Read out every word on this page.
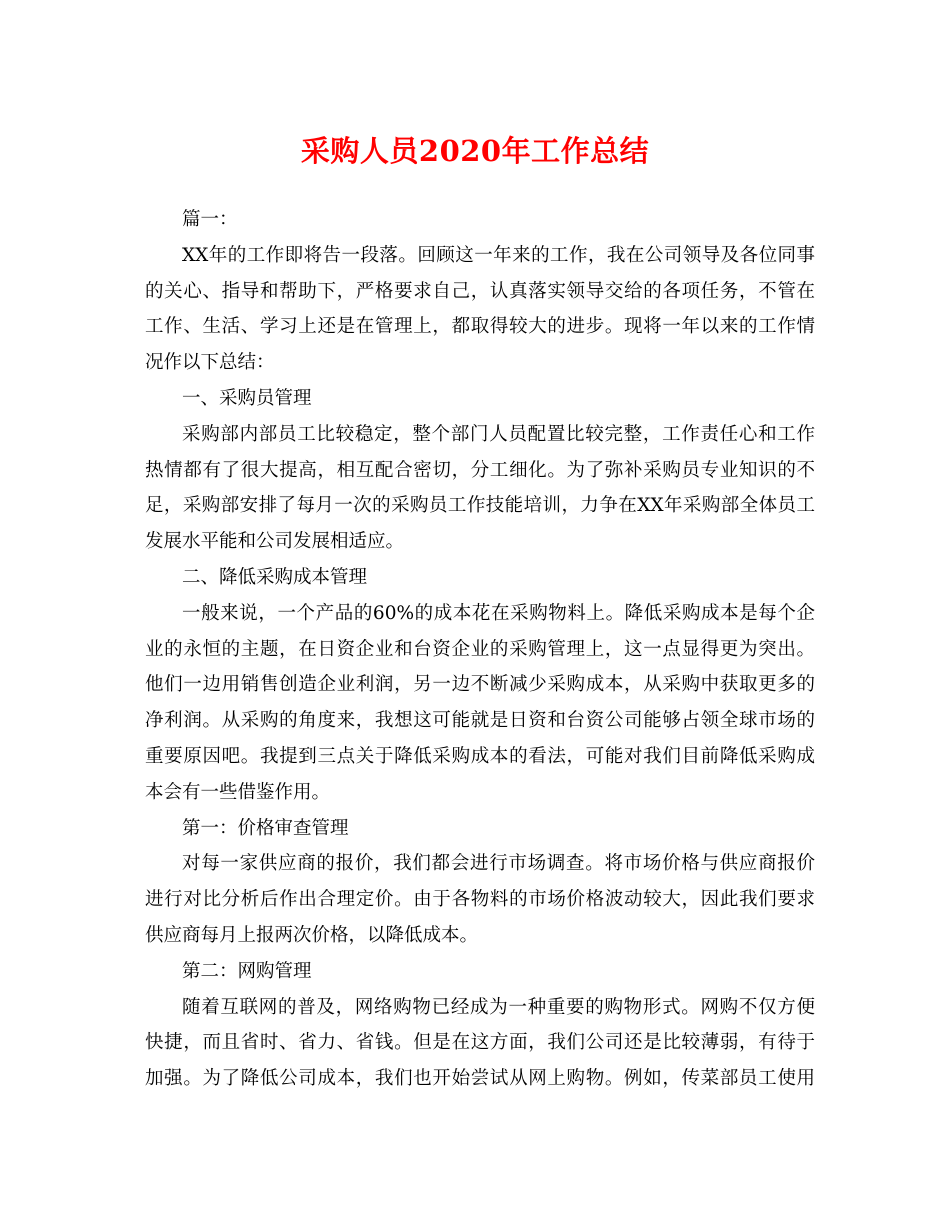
采购人员2020年工作总结
篇一：
XX年的工作即将告一段落。回顾这一年来的工作，我在公司领导及各位同事
的关心、指导和帮助下，严格要求自己，认真落实领导交给的各项任务，不管在
工作、生活、学习上还是在管理上，都取得较大的进步。现将一年以来的工作情
况作以下总结：
一、采购员管理
采购部内部员工比较稳定，整个部门人员配置比较完整，工作责任心和工作
热情都有了很大提高，相互配合密切，分工细化。为了弥补采购员专业知识的不
足，采购部安排了每月一次的采购员工作技能培训，力争在XX年采购部全体员工
发展水平能和公司发展相适应。
二、降低采购成本管理
一般来说，一个产品的60%的成本花在采购物料上。降低采购成本是每个企
业的永恒的主题，在日资企业和台资企业的采购管理上，这一点显得更为突出。
他们一边用销售创造企业利润，另一边不断减少采购成本，从采购中获取更多的
净利润。从采购的角度来，我想这可能就是日资和台资公司能够占领全球市场的
重要原因吧。我提到三点关于降低采购成本的看法，可能对我们目前降低采购成
本会有一些借鉴作用。
第一：价格审查管理
对每一家供应商的报价，我们都会进行市场调查。将市场价格与供应商报价
进行对比分析后作出合理定价。由于各物料的市场价格波动较大，因此我们要求
供应商每月上报两次价格，以降低成本。
第二：网购管理
随着互联网的普及，网络购物已经成为一种重要的购物形式。网购不仅方便
快捷，而且省时、省力、省钱。但是在这方面，我们公司还是比较薄弱，有待于
加强。为了降低公司成本，我们也开始尝试从网上购物。例如，传菜部员工使用
